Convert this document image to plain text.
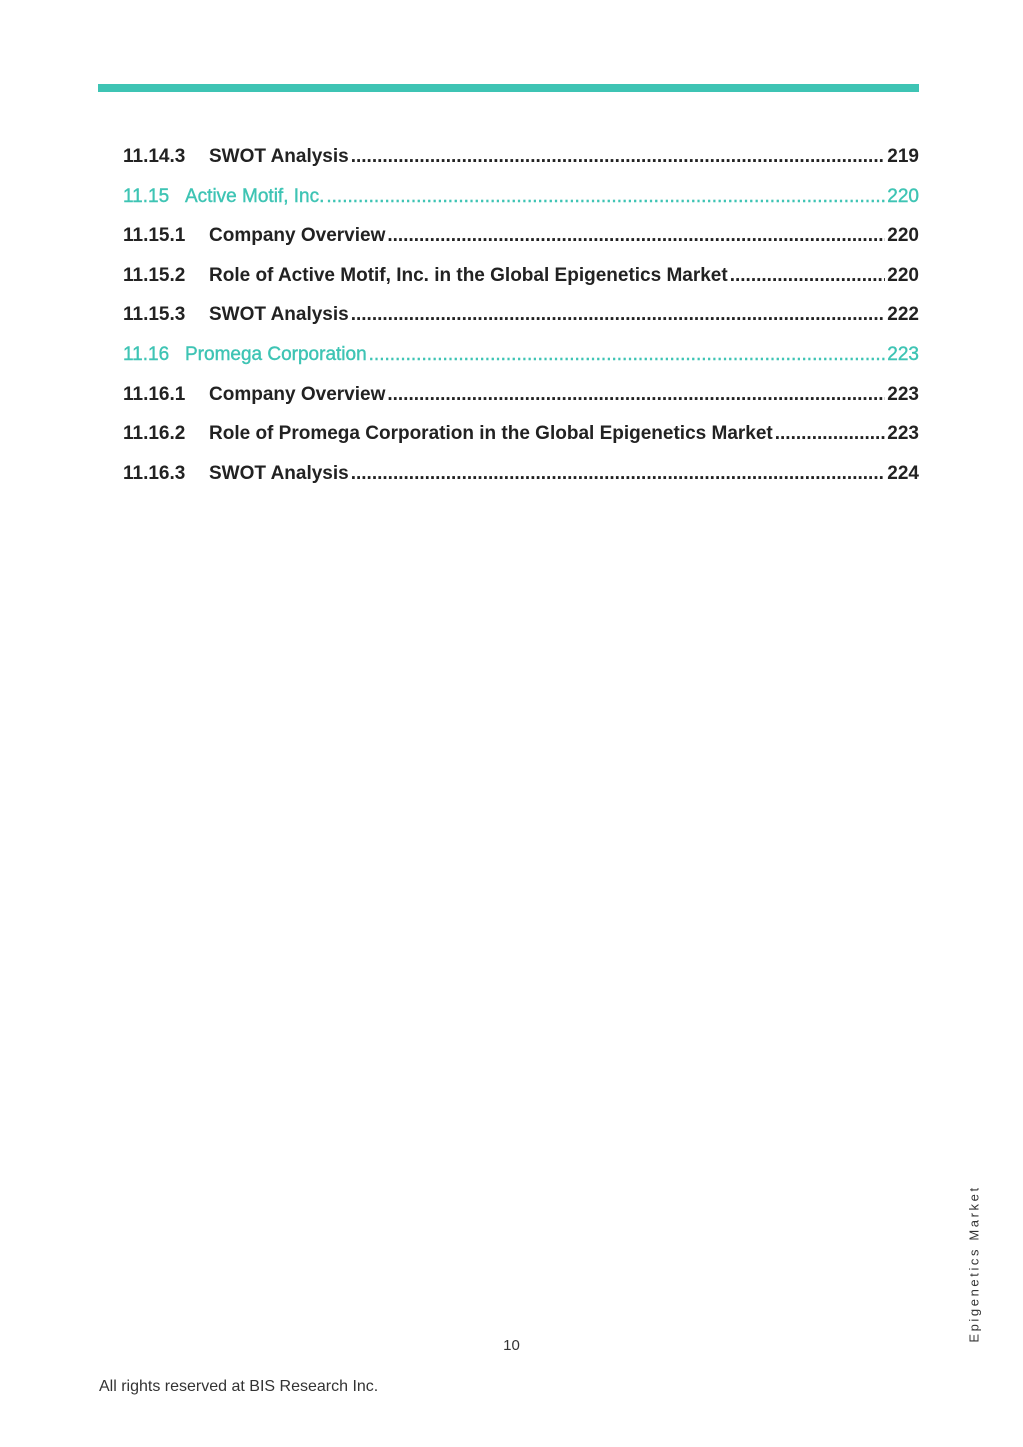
11.14.3	SWOT Analysis .....	219
11.15 Active Motif, Inc. .....	220
11.15.1	Company Overview .....	220
11.15.2	Role of Active Motif, Inc. in the Global Epigenetics Market .....	220
11.15.3	SWOT Analysis .....	222
11.16 Promega Corporation .....	223
11.16.1	Company Overview .....	223
11.16.2	Role of Promega Corporation in the Global Epigenetics Market .....	223
11.16.3	SWOT Analysis .....	224
Epigenetics Market
10
All rights reserved at BIS Research Inc.
